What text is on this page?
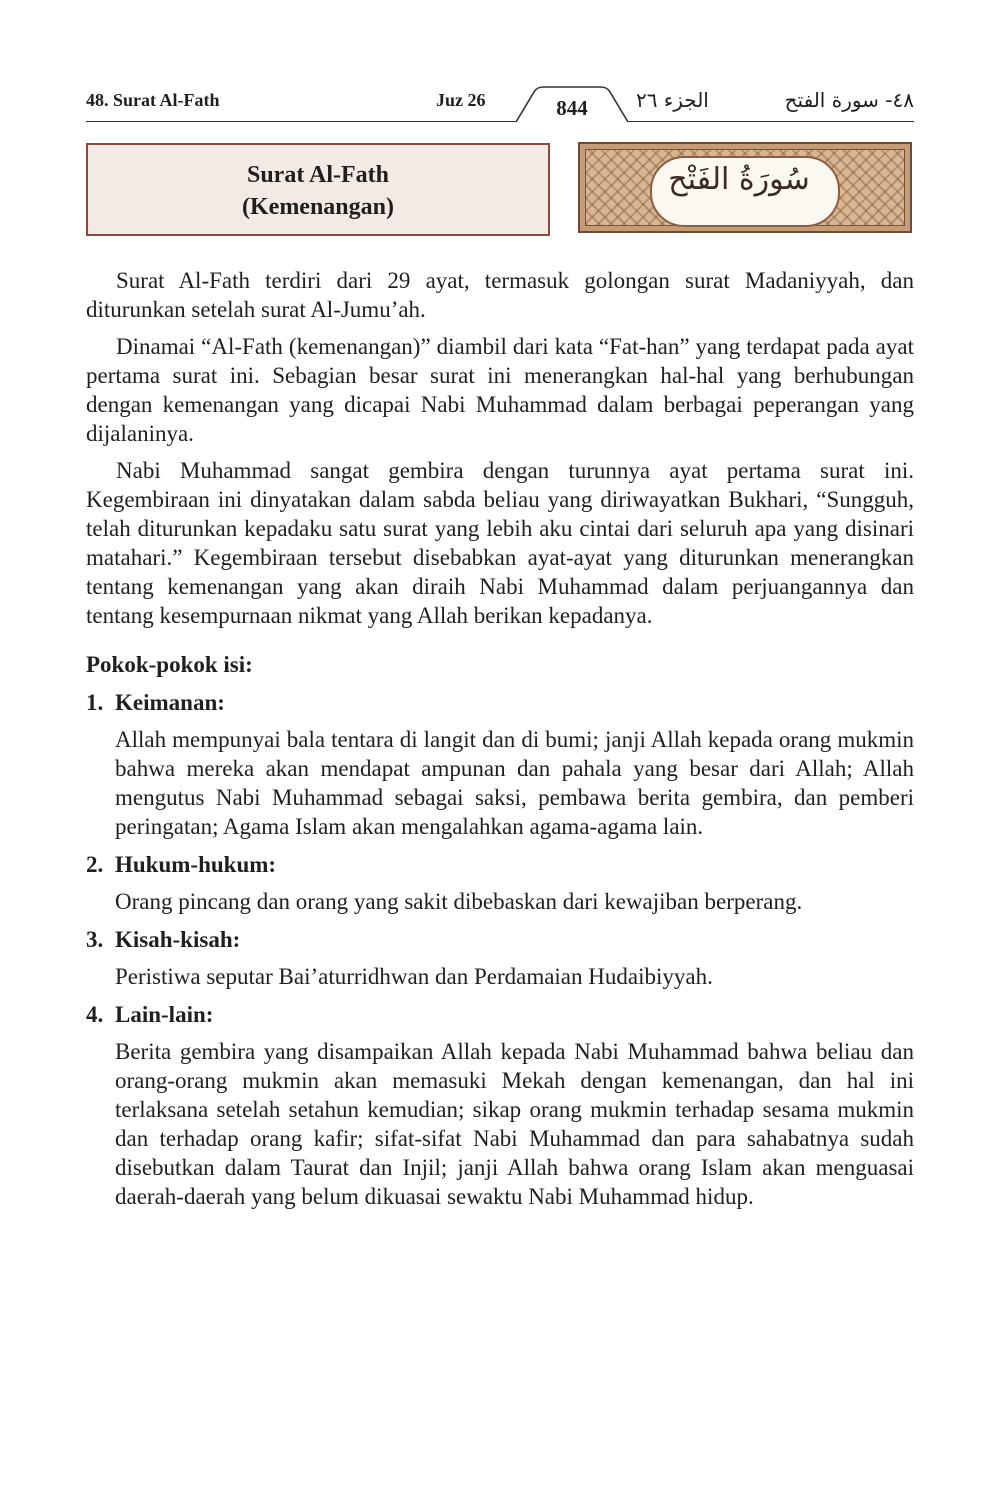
48. Surat Al-Fath	Juz 26	844	الجزء ٢٦	٤٨- سورة الفتح
Surat Al-Fath
(Kemenangan)
سُورَةُ الفَتْح

Surat Al-Fath terdiri dari 29 ayat, termasuk golongan surat Madaniyyah, dan diturunkan setelah surat Al-Jumu’ah.

Dinamai “Al-Fath (kemenangan)” diambil dari kata “Fat-han” yang terdapat pada ayat pertama surat ini. Sebagian besar surat ini menerangkan hal-hal yang berhubungan dengan kemenangan yang dicapai Nabi Muhammad dalam berbagai peperangan yang dijalaninya.

Nabi Muhammad sangat gembira dengan turunnya ayat pertama surat ini. Kegembiraan ini dinyatakan dalam sabda beliau yang diriwayatkan Bukhari, “Sungguh, telah diturunkan kepadaku satu surat yang lebih aku cintai dari seluruh apa yang disinari matahari.” Kegembiraan tersebut disebabkan ayat-ayat yang diturunkan menerangkan tentang kemenangan yang akan diraih Nabi Muhammad dalam perjuangannya dan tentang kesempurnaan nikmat yang Allah berikan kepadanya.

Pokok-pokok isi:
1. Keimanan:
Allah mempunyai bala tentara di langit dan di bumi; janji Allah kepada orang mukmin bahwa mereka akan mendapat ampunan dan pahala yang besar dari Allah; Allah mengutus Nabi Muhammad sebagai saksi, pembawa berita gembira, dan pemberi peringatan; Agama Islam akan mengalahkan agama-agama lain.
2. Hukum-hukum:
Orang pincang dan orang yang sakit dibebaskan dari kewajiban berperang.
3. Kisah-kisah:
Peristiwa seputar Bai’aturridhwan dan Perdamaian Hudaibiyyah.
4. Lain-lain:
Berita gembira yang disampaikan Allah kepada Nabi Muhammad bahwa beliau dan orang-orang mukmin akan memasuki Mekah dengan kemenangan, dan hal ini terlaksana setelah setahun kemudian; sikap orang mukmin terhadap sesama mukmin dan terhadap orang kafir; sifat-sifat Nabi Muhammad dan para sahabatnya sudah disebutkan dalam Taurat dan Injil; janji Allah bahwa orang Islam akan menguasai daerah-daerah yang belum dikuasai sewaktu Nabi Muhammad hidup.
